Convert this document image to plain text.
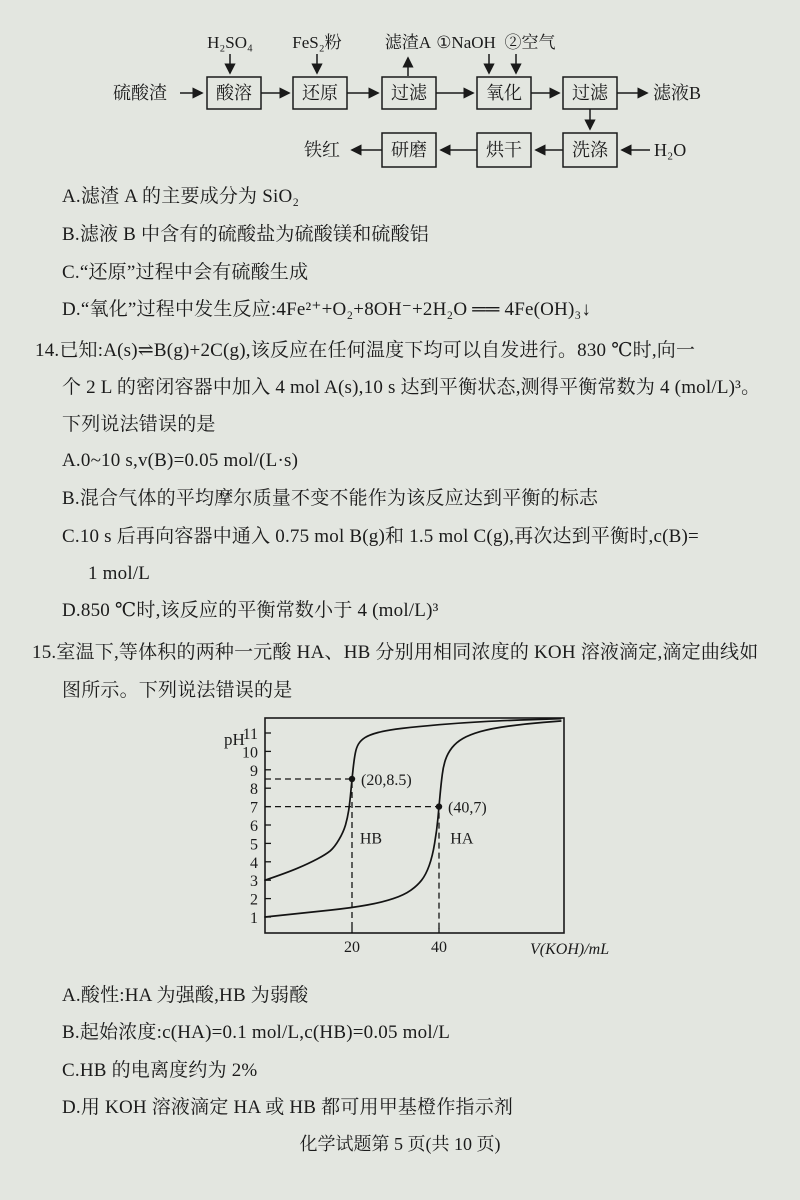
H₂SO₄ FeS₂粉	滤渣A ①NaOH ②空气
硫酸渣	酸溶	还原	过滤	氧化	过滤	滤液B
铁红	研磨	烘干	洗涤	H₂O
A.滤渣 A 的主要成分为 SiO₂
B.滤液 B 中含有的硫酸盐为硫酸镁和硫酸铝
C.“还原”过程中会有硫酸生成
D.“氧化”过程中发生反应:4Fe²⁺+O₂+8OH⁻+2H₂O ══ 4Fe(OH)₃↓
14.已知:A(s)⇌B(g)+2C(g),该反应在任何温度下均可以自发进行。830 ℃时,向一
个 2 L 的密闭容器中加入 4 mol A(s),10 s 达到平衡状态,测得平衡常数为 4 (mol/L)³。
下列说法错误的是
A.0~10 s,v(B)=0.05 mol/(L·s)
B.混合气体的平均摩尔质量不变不能作为该反应达到平衡的标志
C.10 s 后再向容器中通入 0.75 mol B(g)和 1.5 mol C(g),再次达到平衡时,c(B)=
1 mol/L
D.850 ℃时,该反应的平衡常数小于 4 (mol/L)³
15.室温下,等体积的两种一元酸 HA、HB 分别用相同浓度的 KOH 溶液滴定,滴定曲线如
图所示。下列说法错误的是
pH
V(KOH)/mL
1
2
3
4
5
6
7
8
9
10
11
20	40
(20,8.5)
(40,7)
HB	HA
A.酸性:HA 为强酸,HB 为弱酸
B.起始浓度:c(HA)=0.1 mol/L,c(HB)=0.05 mol/L
C.HB 的电离度约为 2%
D.用 KOH 溶液滴定 HA 或 HB 都可用甲基橙作指示剂
化学试题第 5 页(共 10 页)
